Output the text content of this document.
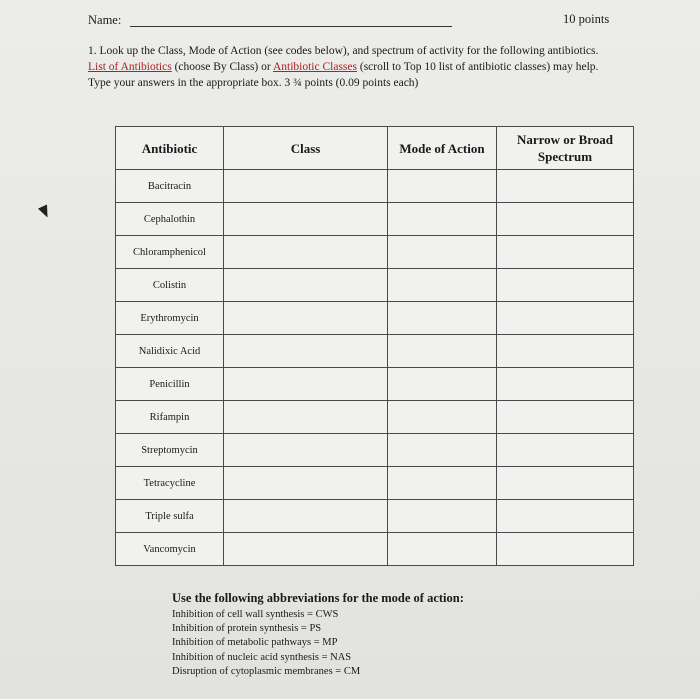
Name:	10 points
1. Look up the Class, Mode of Action (see codes below), and spectrum of activity for the following antibiotics.
List of Antibiotics (choose By Class) or Antibiotic Classes (scroll to Top 10 list of antibiotic classes) may help.
Type your answers in the appropriate box. 3 ¾ points (0.09 points each)
Antibiotic	Class	Mode of Action	Narrow or Broad Spectrum
Bacitracin			
Cephalothin			
Chloramphenicol			
Colistin			
Erythromycin			
Nalidixic Acid			
Penicillin			
Rifampin			
Streptomycin			
Tetracycline			
Triple sulfa			
Vancomycin			
Use the following abbreviations for the mode of action:
Inhibition of cell wall synthesis = CWS
Inhibition of protein synthesis = PS
Inhibition of metabolic pathways = MP
Inhibition of nucleic acid synthesis = NAS
Disruption of cytoplasmic membranes = CM
